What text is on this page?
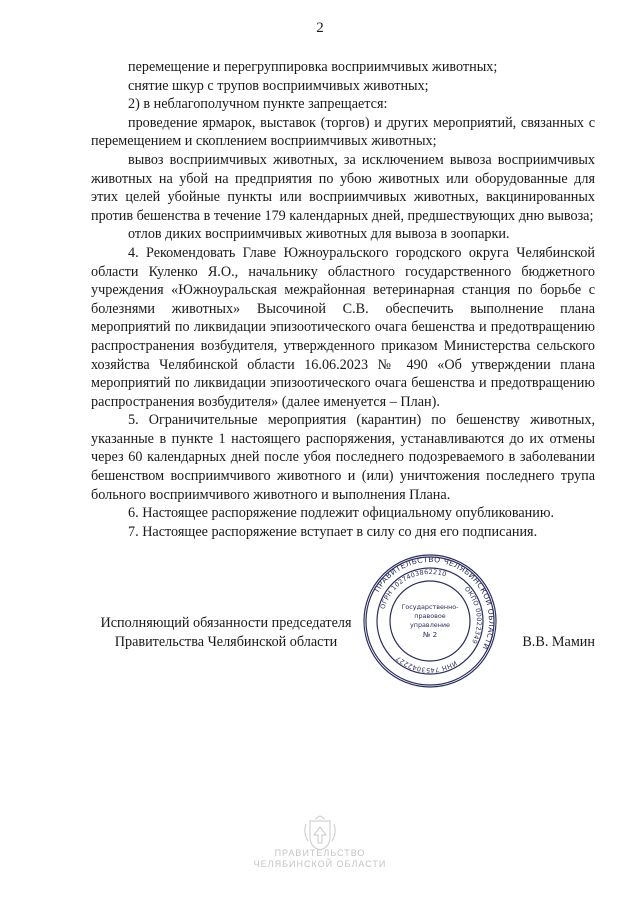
2

перемещение и перегруппировка восприимчивых животных;

снятие шкур с трупов восприимчивых животных;

2) в неблагополучном пункте запрещается:

проведение ярмарок, выставок (торгов) и других мероприятий, связанных с перемещением и скоплением восприимчивых животных;

вывоз восприимчивых животных, за исключением вывоза восприимчивых животных на убой на предприятия по убою животных или оборудованные для этих целей убойные пункты или восприимчивых животных, вакцинированных против бешенства в течение 179 календарных дней, предшествующих дню вывоза;

отлов диких восприимчивых животных для вывоза в зоопарки.

4. Рекомендовать Главе Южноуральского городского округа Челябинской области Куленко Я.О., начальнику областного государственного бюджетного учреждения «Южноуральская межрайонная ветеринарная станция по борьбе с болезнями животных» Высочиной С.В. обеспечить выполнение плана мероприятий по ликвидации эпизоотического очага бешенства и предотвращению распространения возбудителя, утвержденного приказом Министерства сельского хозяйства Челябинской области 16.06.2023 № 490 «Об утверждении плана мероприятий по ликвидации эпизоотического очага бешенства и предотвращению распространения возбудителя» (далее именуется – План).

5. Ограничительные мероприятия (карантин) по бешенству животных, указанные в пункте 1 настоящего распоряжения, устанавливаются до их отмены через 60 календарных дней после убоя последнего подозреваемого в заболевании бешенством восприимчивого животного и (или) уничтожения последнего трупа больного восприимчивого животного и выполнения Плана.

6. Настоящее распоряжение подлежит официальному опубликованию.

7. Настоящее распоряжение вступает в силу со дня его подписания.

Исполняющий обязанности председателя
Правительства Челябинской области	В.В. Мамин
ПРАВИТЕЛЬСТВО ЧЕЛЯБИНСКОЙ ОБЛАСТИ
ОГРН 1027403862210
ОКПО 00022349
ИНН 7453042227
Государственно-
правовое
управление
№ 2
ПРАВИТЕЛЬСТВО
ЧЕЛЯБИНСКОЙ ОБЛАСТИ
